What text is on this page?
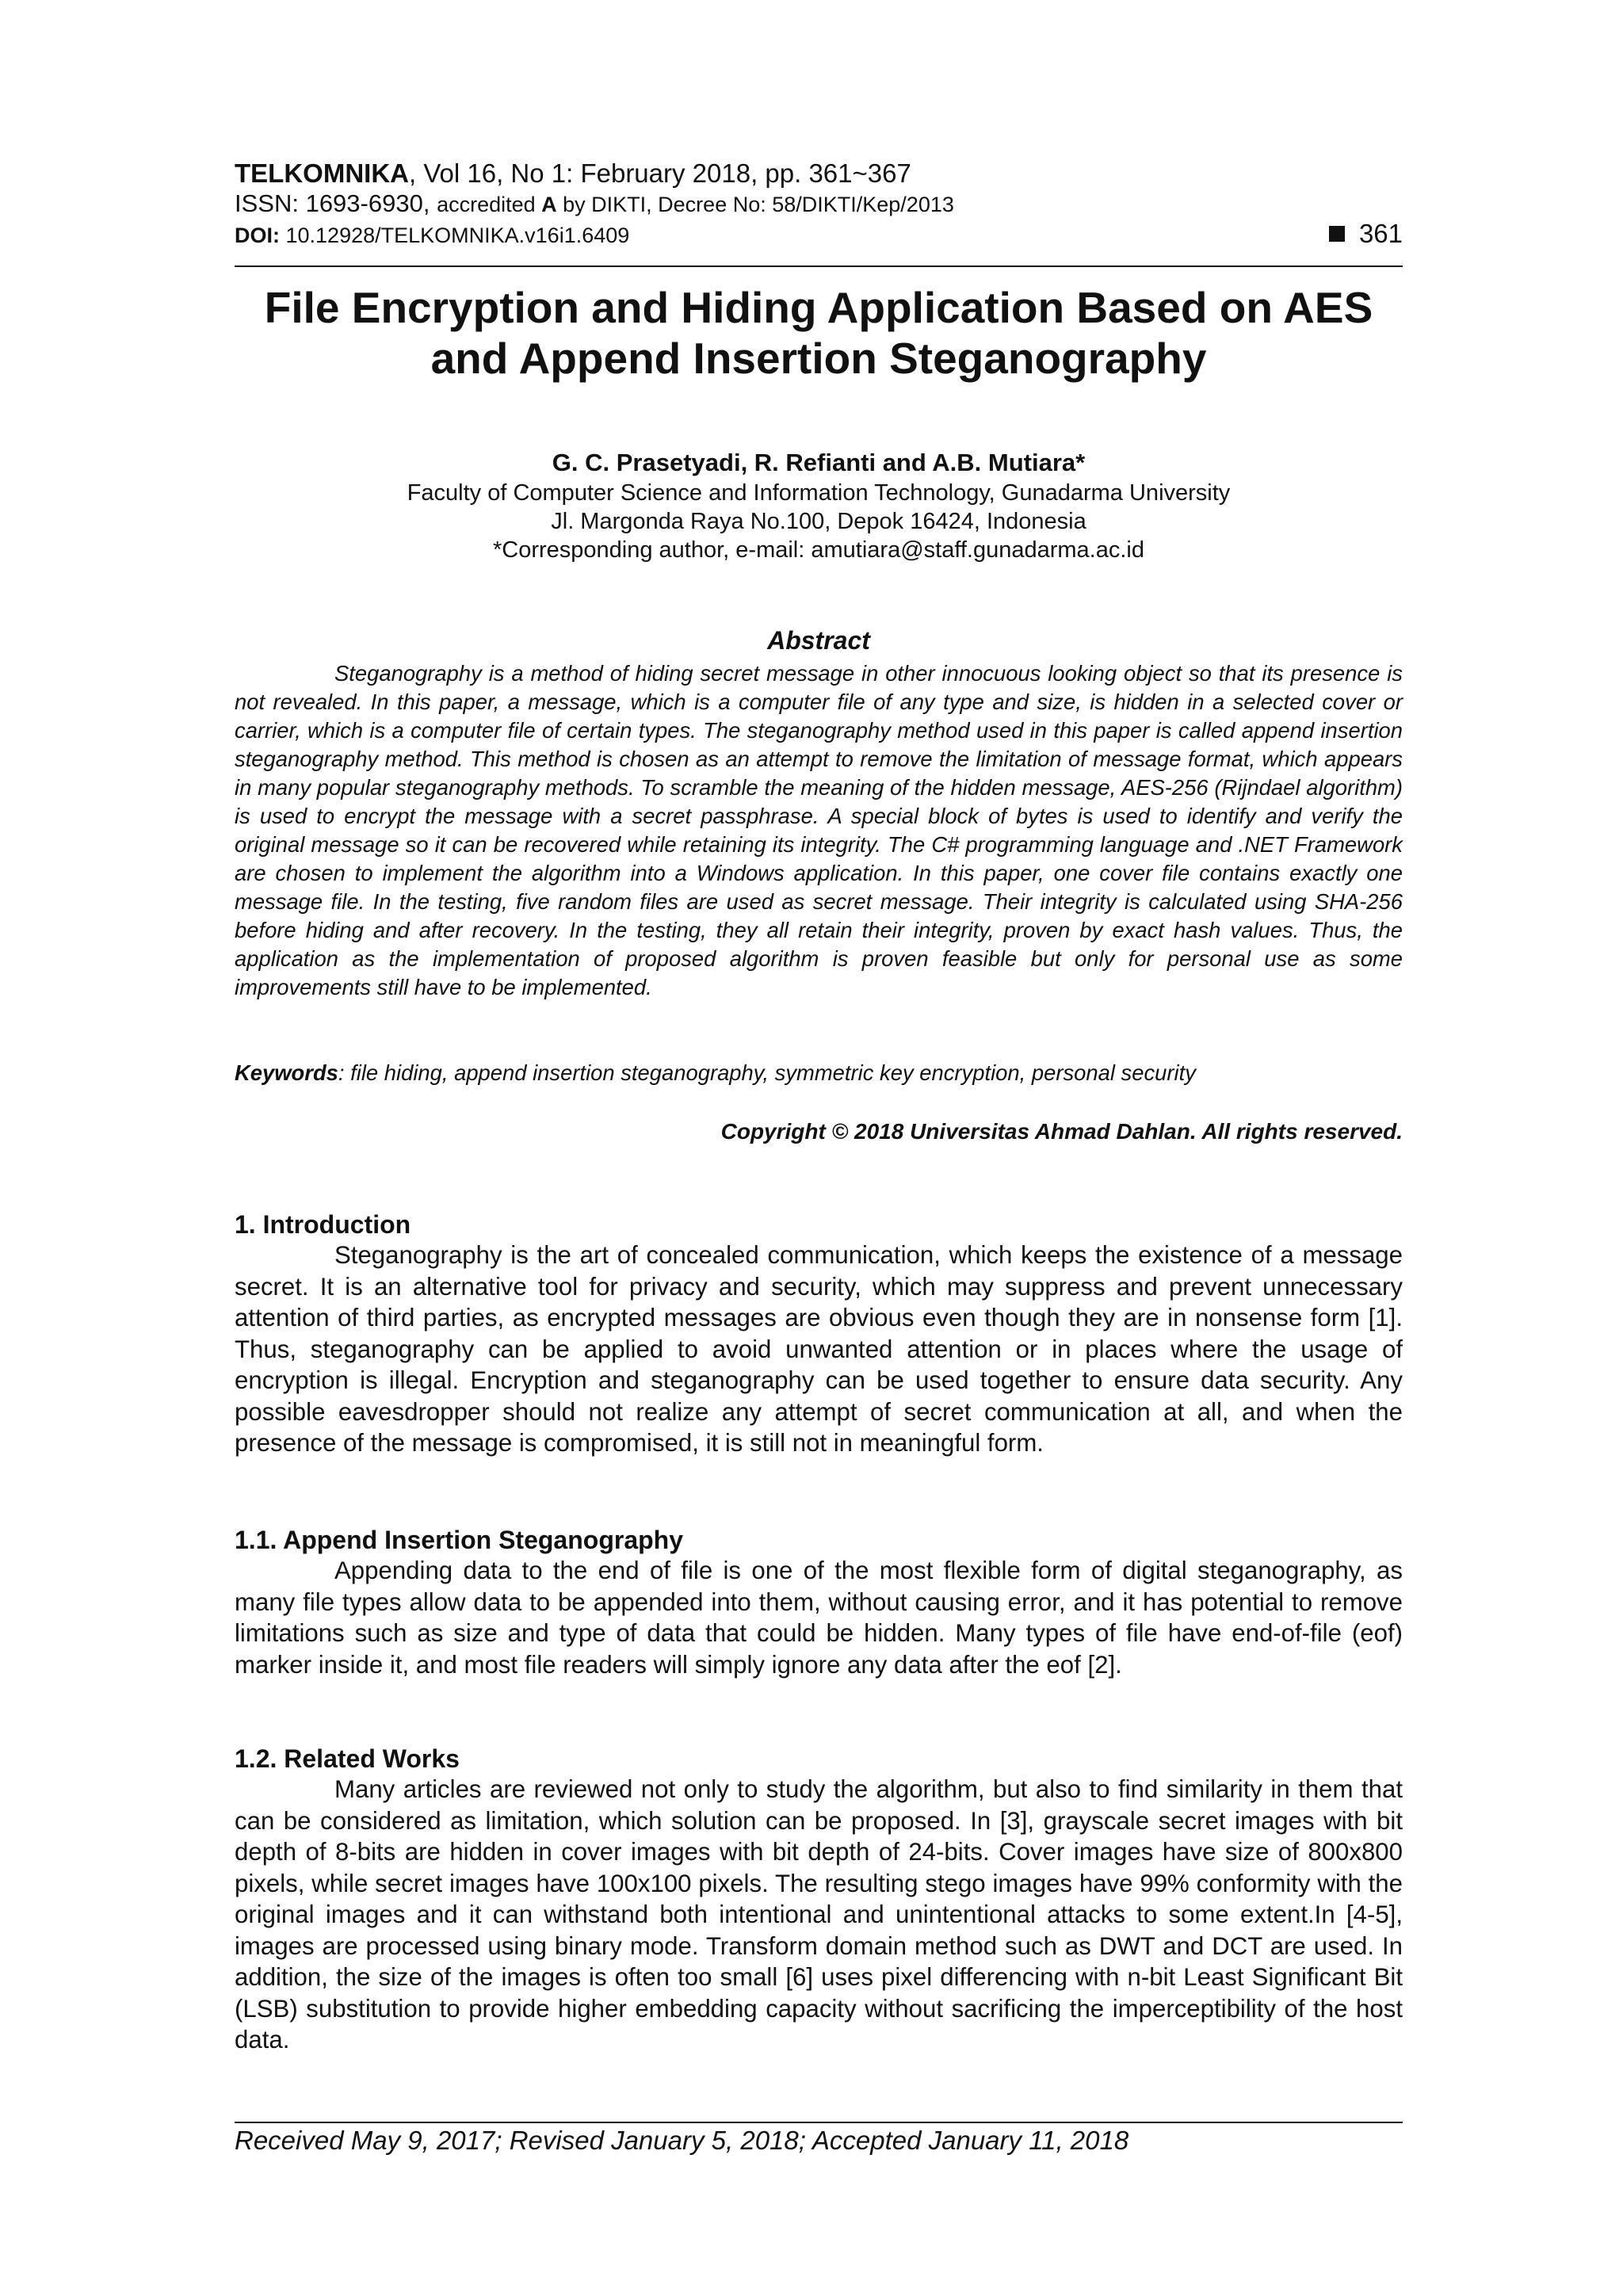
TELKOMNIKA, Vol 16, No 1: February 2018, pp. 361~367
ISSN: 1693-6930, accredited A by DIKTI, Decree No: 58/DIKTI/Kep/2013
DOI: 10.12928/TELKOMNIKA.v16i1.6409	361
File Encryption and Hiding Application Based on AES
and Append Insertion Steganography
G. C. Prasetyadi, R. Refianti and A.B. Mutiara*
Faculty of Computer Science and Information Technology, Gunadarma University
Jl. Margonda Raya No.100, Depok 16424, Indonesia
*Corresponding author, e-mail: amutiara@staff.gunadarma.ac.id
Abstract
Steganography is a method of hiding secret message in other innocuous looking object so that its presence is not revealed. In this paper, a message, which is a computer file of any type and size, is hidden in a selected cover or carrier, which is a computer file of certain types. The steganography method used in this paper is called append insertion steganography method. This method is chosen as an attempt to remove the limitation of message format, which appears in many popular steganography methods. To scramble the meaning of the hidden message, AES-256 (Rijndael algorithm) is used to encrypt the message with a secret passphrase. A special block of bytes is used to identify and verify the original message so it can be recovered while retaining its integrity. The C# programming language and .NET Framework are chosen to implement the algorithm into a Windows application. In this paper, one cover file contains exactly one message file. In the testing, five random files are used as secret message. Their integrity is calculated using SHA-256 before hiding and after recovery. In the testing, they all retain their integrity, proven by exact hash values. Thus, the application as the implementation of proposed algorithm is proven feasible but only for personal use as some improvements still have to be implemented.
Keywords: file hiding, append insertion steganography, symmetric key encryption, personal security
Copyright © 2018 Universitas Ahmad Dahlan. All rights reserved.
1. Introduction

Steganography is the art of concealed communication, which keeps the existence of a message secret. It is an alternative tool for privacy and security, which may suppress and prevent unnecessary attention of third parties, as encrypted messages are obvious even though they are in nonsense form [1]. Thus, steganography can be applied to avoid unwanted attention or in places where the usage of encryption is illegal. Encryption and steganography can be used together to ensure data security. Any possible eavesdropper should not realize any attempt of secret communication at all, and when the presence of the message is compromised, it is still not in meaningful form.

1.1. Append Insertion Steganography

Appending data to the end of file is one of the most flexible form of digital steganography, as many file types allow data to be appended into them, without causing error, and it has potential to remove limitations such as size and type of data that could be hidden. Many types of file have end-of-file (eof) marker inside it, and most file readers will simply ignore any data after the eof [2].

1.2. Related Works

Many articles are reviewed not only to study the algorithm, but also to find similarity in them that can be considered as limitation, which solution can be proposed. In [3], grayscale secret images with bit depth of 8-bits are hidden in cover images with bit depth of 24-bits. Cover images have size of 800x800 pixels, while secret images have 100x100 pixels. The resulting stego images have 99% conformity with the original images and it can withstand both intentional and unintentional attacks to some extent.In [4-5], images are processed using binary mode. Transform domain method such as DWT and DCT are used. In addition, the size of the images is often too small [6] uses pixel differencing with n-bit Least Significant Bit (LSB) substitution to provide higher embedding capacity without sacrificing the imperceptibility of the host data.

Received May 9, 2017; Revised January 5, 2018; Accepted January 11, 2018
